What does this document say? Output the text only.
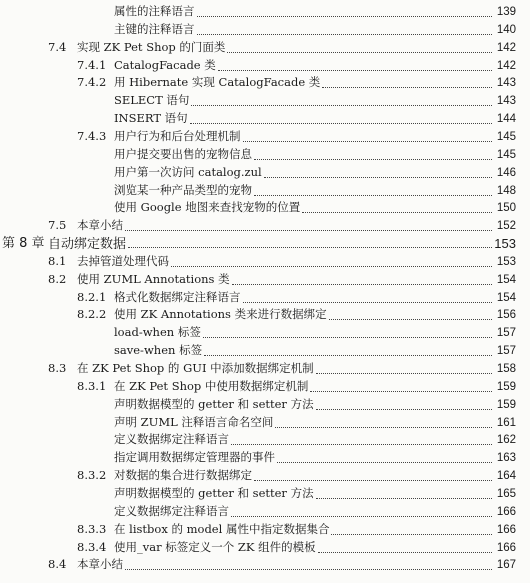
属性的注释语言	139
主键的注释语言	140
7.4 实现 ZK Pet Shop 的门面类	142
7.4.1 CatalogFacade 类	142
7.4.2 用 Hibernate 实现 CatalogFacade 类	143
SELECT 语句	143
INSERT 语句	144
7.4.3 用户行为和后台处理机制	145
用户提交要出售的宠物信息	145
用户第一次访问 catalog.zul	146
浏览某一种产品类型的宠物	148
使用 Google 地图来查找宠物的位置	150
7.5 本章小结	152
第 8 章 自动绑定数据	153
8.1 去掉管道处理代码	153
8.2 使用 ZUML Annotations 类	154
8.2.1 格式化数据绑定注释语言	154
8.2.2 使用 ZK Annotations 类来进行数据绑定	156
load-when 标签	157
save-when 标签	157
8.3 在 ZK Pet Shop 的 GUI 中添加数据绑定机制	158
8.3.1 在 ZK Pet Shop 中使用数据绑定机制	159
声明数据模型的 getter 和 setter 方法	159
声明 ZUML 注释语言命名空间	161
定义数据绑定注释语言	162
指定调用数据绑定管理器的事件	163
8.3.2 对数据的集合进行数据绑定	164
声明数据模型的 getter 和 setter 方法	165
定义数据绑定注释语言	166
8.3.3 在 listbox 的 model 属性中指定数据集合	166
8.3.4 使用_var 标签定义一个 ZK 组件的模板	166
8.4 本章小结	167
